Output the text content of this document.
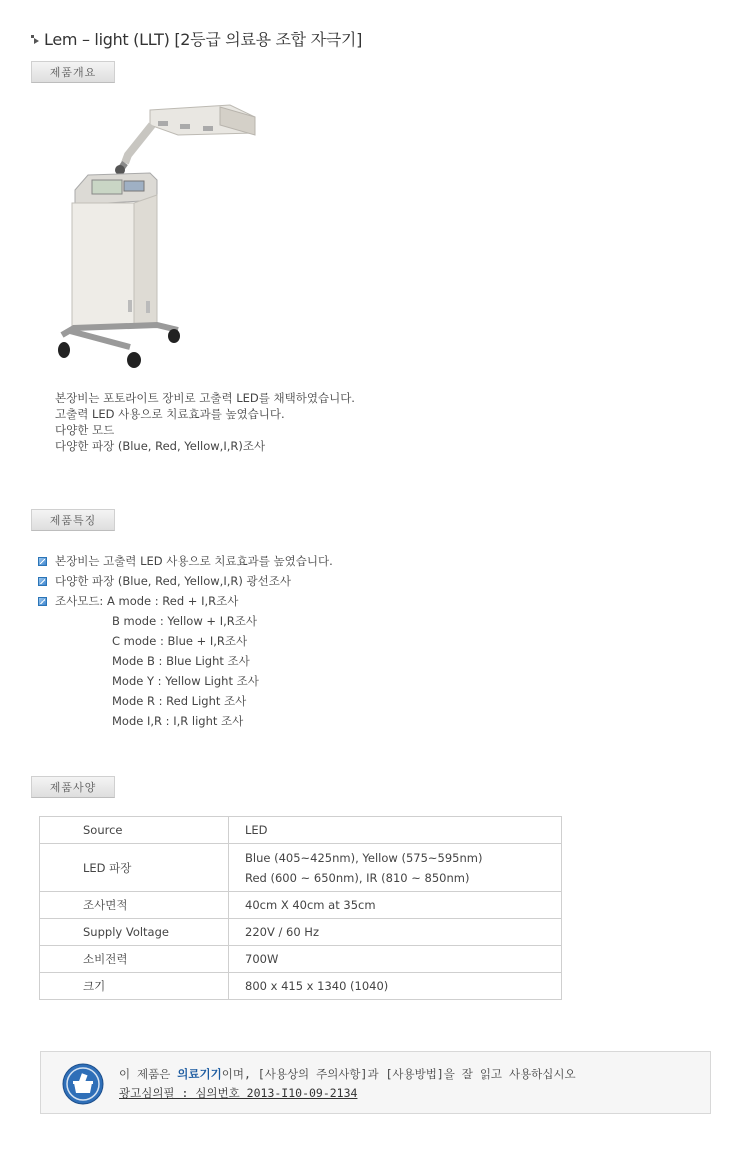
Lem – light (LLT) [2등급 의료용 조합 자극기]
제품개요
본장비는 포토라이트 장비로 고출력 LED를 채택하였습니다.
고출력 LED 사용으로 치료효과를 높였습니다.
다양한 모드
다양한 파장 (Blue, Red, Yellow,I,R)조사
제품특징
본장비는 고출력 LED 사용으로 치료효과를 높였습니다.
다양한 파장 (Blue, Red, Yellow,I,R) 광선조사
조사모드: A mode : Red + I,R조사
B mode : Yellow + I,R조사
C mode : Blue + I,R조사
Mode B : Blue Light 조사
Mode Y : Yellow Light 조사
Mode R : Red Light 조사
Mode I,R : I,R light 조사
제품사양
Source	LED
LED 파장	Blue (405~425nm), Yellow (575~595nm)
Red (600 ~ 650nm), IR (810 ~ 850nm)

조사면적	40cm X 40cm at 35cm
Supply Voltage	220V / 60 Hz
소비전력	700W
크기	800 x 415 x 1340 (1040)
이 제품은 의료기기이며, [사용상의 주의사항]과 [사용방법]을 잘 읽고 사용하십시오
광고심의필 : 심의번호 2013-I10-09-2134
